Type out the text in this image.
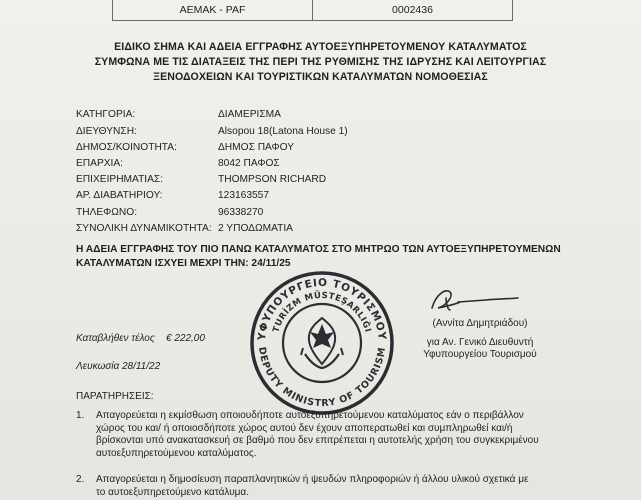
ΑΕΜΑΚ - PAF	0002436
ΕΙΔΙΚΟ ΣΗΜΑ ΚΑΙ ΑΔΕΙΑ ΕΓΓΡΑΦΗΣ ΑΥΤΟΕΞΥΠΗΡΕΤΟΥΜΕΝΟΥ ΚΑΤΑΛΥΜΑΤΟΣ
ΣΥΜΦΩΝΑ ΜΕ ΤΙΣ ΔΙΑΤΑΞΕΙΣ ΤΗΣ ΠΕΡΙ ΤΗΣ ΡΥΘΜΙΣΗΣ ΤΗΣ ΙΔΡΥΣΗΣ ΚΑΙ ΛΕΙΤΟΥΡΓΙΑΣ
ΞΕΝΟΔΟΧΕΙΩΝ ΚΑΙ ΤΟΥΡΙΣΤΙΚΩΝ ΚΑΤΑΛΥΜΑΤΩΝ ΝΟΜΟΘΕΣΙΑΣ
ΚΑΤΗΓΟΡΙΑ:	ΔΙΑΜΕΡΙΣΜΑ
ΔΙΕΥΘΥΝΣΗ:	Alsopou 18(Latona House 1)
ΔΗΜΟΣ/ΚΟΙΝΟΤΗΤΑ:	ΔΗΜΟΣ ΠΑΦΟΥ
ΕΠΑΡΧΙΑ:	8042 ΠΑΦΟΣ
ΕΠΙΧΕΙΡΗΜΑΤΙΑΣ:	THOMPSON RICHARD
ΑΡ. ΔΙΑΒΑΤΗΡΙΟΥ:	123163557
ΤΗΛΕΦΩΝΟ:	96338270
ΣΥΝΟΛΙΚΗ ΔΥΝΑΜΙΚΟΤΗΤΑ: 2 ΥΠΟΔΩΜΑΤΙΑ
Η ΑΔΕΙΑ ΕΓΓΡΑΦΗΣ ΤΟΥ ΠΙΟ ΠΑΝΩ ΚΑΤΑΛΥΜΑΤΟΣ ΣΤΟ ΜΗΤΡΩΟ ΤΩΝ ΑΥΤΟΕΞΥΠΗΡΕΤΟΥΜΕΝΩΝ
ΚΑΤΑΛΥΜΑΤΩΝ ΙΣΧΥΕΙ ΜΕΧΡΙ ΤΗΝ: 24/11/25
ΥΦΥΠΟΥΡΓΕΙΟ ΤΟΥΡΙΣΜΟΥ
TURİZM MÜSTEŞARLIĞI
DEPUTY MINISTRY OF TOURISM
(Αννίτα Δημητριάδου)
για Αν. Γενικό Διευθυντή
Υφυπουργείου Τουρισμού
Καταβλήθεν τέλος € 222,00
Λευκωσία 28/11/22
ΠΑΡΑΤΗΡΗΣΕΙΣ:
1. Απαγορεύεται η εκμίσθωση οποιουδήποτε αυτοεξυπηρετούμενου καταλύματος εάν ο περιβάλλον
χώρος του και/ ή οποιοσδήποτε χώρος αυτού δεν έχουν αποπερατωθεί και συμπληρωθεί και/ή
βρίσκονται υπό ανακατασκευή σε βαθμό που δεν επιτρέπεται η αυτοτελής χρήση του συγκεκριμένου
αυτοεξυπηρετούμενου καταλύματος.
2. Απαγορεύεται η δημοσίευση παραπλανητικών ή ψευδών πληροφοριών ή άλλου υλικού σχετικά με
το αυτοεξυπηρετούμενο κατάλυμα.
